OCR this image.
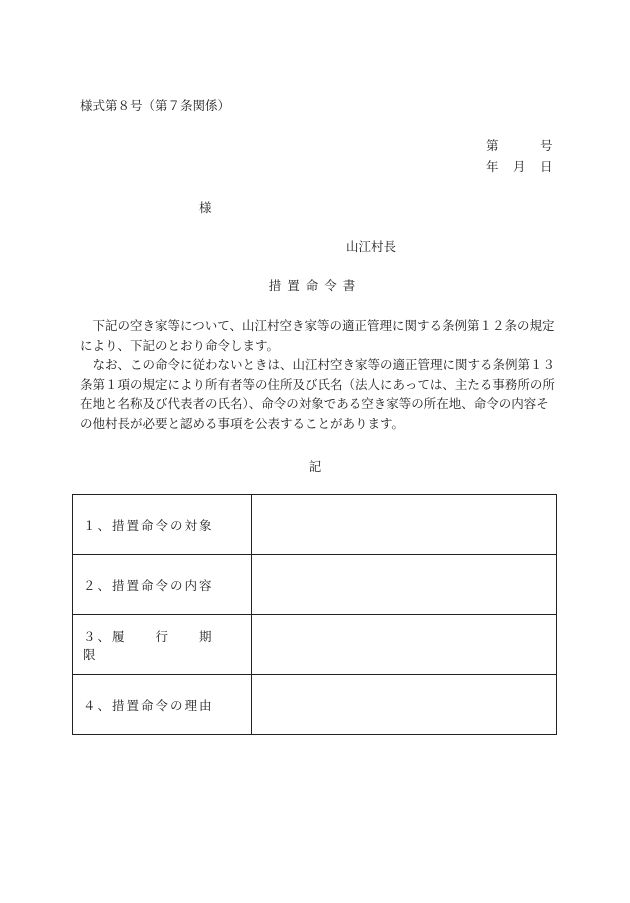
様式第８号（第７条関係）
第	号
年 月 日
様
山江村長
措置命令書

　下記の空き家等について、山江村空き家等の適正管理に関する条例第１２条の規定により、下記のとおり命令します。

　なお、この命令に従わないときは、山江村空き家等の適正管理に関する条例第１３条第１項の規定により所有者等の住所及び氏名（法人にあっては、主たる事務所の所在地と名称及び代表者の氏名）、命令の対象である空き家等の所在地、命令の内容その他村長が必要と認める事項を公表することがあります。

記
１、措置命令の対象	
２、措置命令の内容	
３、履　　行　　期　　限	
４、措置命令の理由	
